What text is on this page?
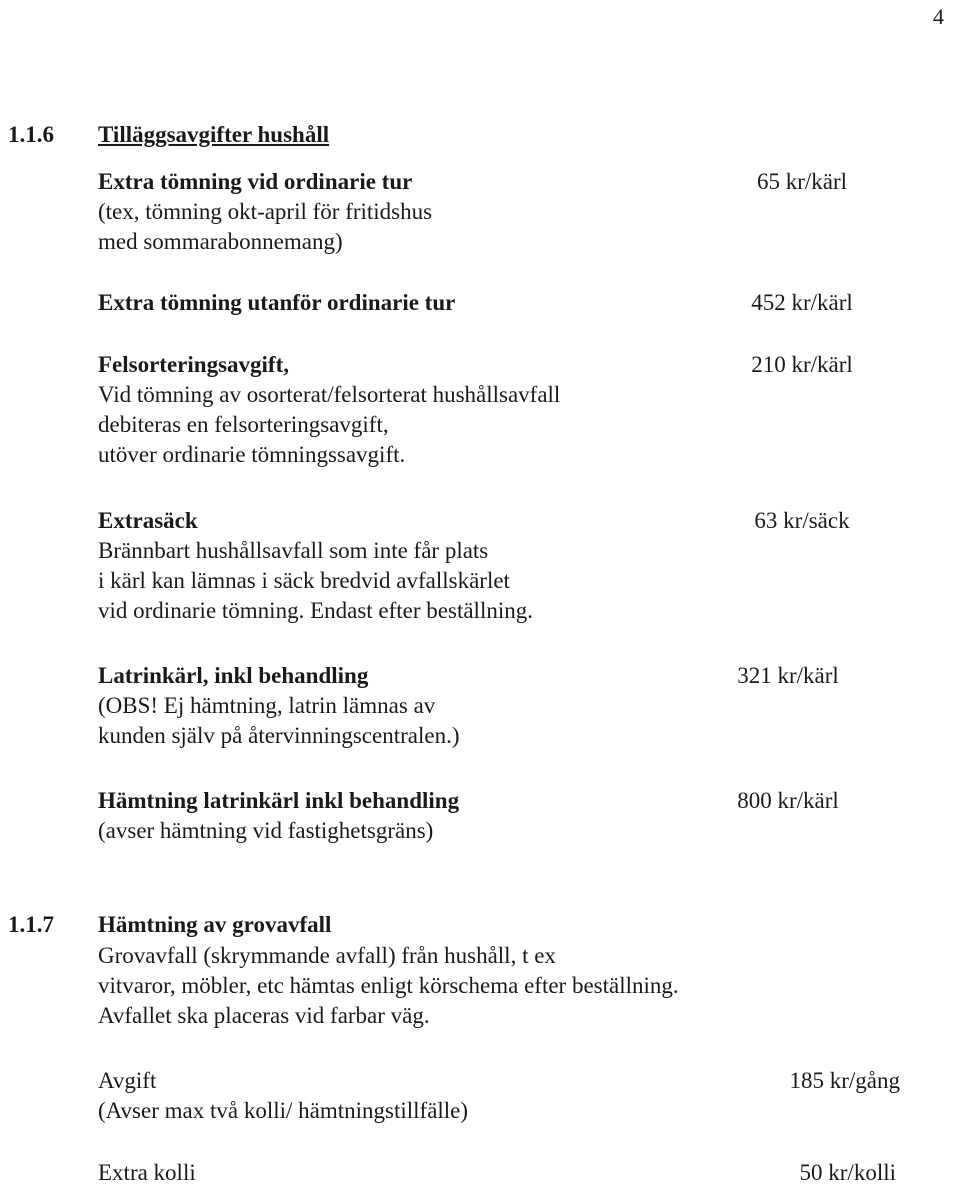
4
1.1.6 Tilläggsavgifter hushåll
Extra tömning vid ordinarie tur
(tex, tömning okt-april för fritidshus
med sommarabonnemang)
65 kr/kärl
Extra tömning utanför ordinarie tur	452 kr/kärl
Felsorteringsavgift,
Vid tömning av osorterat/felsorterat hushållsavfall
debiteras en felsorteringsavgift,
utöver ordinarie tömningssavgift.
210 kr/kärl
Extrasäck
Brännbart hushållsavfall som inte får plats
i kärl kan lämnas i säck bredvid avfallskärlet
vid ordinarie tömning. Endast efter beställning.
63 kr/säck
Latrinkärl, inkl behandling
(OBS! Ej hämtning, latrin lämnas av
kunden själv på återvinningscentralen.)
321 kr/kärl
Hämtning latrinkärl inkl behandling
(avser hämtning vid fastighetsgräns)
800 kr/kärl
1.1.7 Hämtning av grovavfall
Grovavfall (skrymmande avfall) från hushåll, t ex
vitvaror, möbler, etc hämtas enligt körschema efter beställning.
Avfallet ska placeras vid farbar väg.
Avgift
(Avser max två kolli/ hämtningstillfälle)
185 kr/gång
Extra kolli	50 kr/kolli
